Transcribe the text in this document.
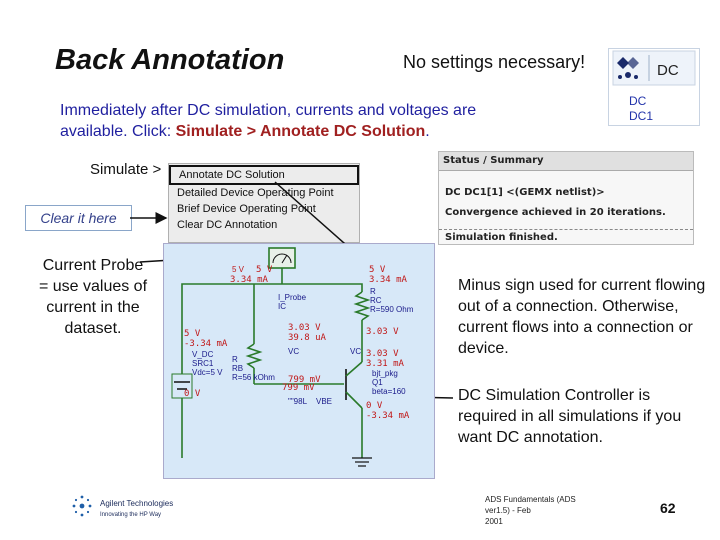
Back Annotation	No settings necessary!	DC
DC
DC1
Immediately after DC simulation, currents and voltages are
available. Click: Simulate > Annotate DC Solution.
Simulate >	Annotate DC Solution
Detailed Device Operating Point
Brief Device Operating Point
Clear DC Annotation
Clear it here
Current Probe = use values of current in the dataset.
Status / Summary
DC DC1[1] <(GEMX netlist)>
Convergence achieved in 20 iterations.
Simulation finished.
5 V
3.34 mA
5 V
3.34 mA
3.03 V
39.8 uA
3.03 V
3.03 V
3.31 mA
5 V
-3.34 mA
799 mV
799 mV
0 V
-3.34 mA
0 V
I_Probe
IC
R
RC
R=590 Ohm
VC	VC
V_DC
SRC1
Vdc=5 V
R
RB
R=56 kOhm	bjt_pkg
Q1
beta=160
""98L VBE
5 V
Minus sign used for current flowing out of a connection. Otherwise, current flows into a connection or device.
DC Simulation Controller is required in all simulations if you want DC annotation.
Agilent Technologies
Innovating the HP Way
ADS Fundamentals (ADS ver1.5) - Feb
2001
62
